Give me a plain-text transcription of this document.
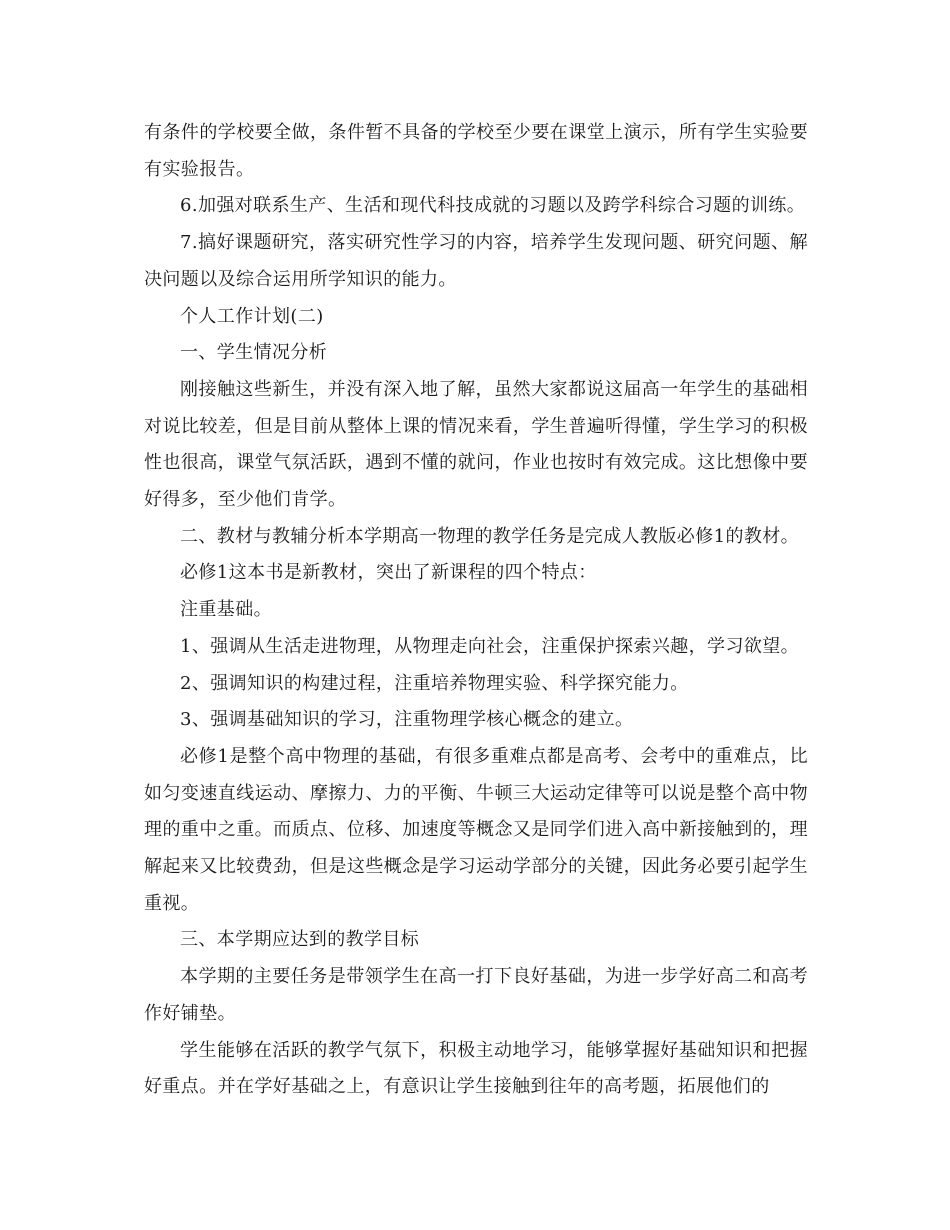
有条件的学校要全做，条件暂不具备的学校至少要在课堂上演示，所有学生实验要有实验报告。

6.加强对联系生产、生活和现代科技成就的习题以及跨学科综合习题的训练。

7.搞好课题研究，落实研究性学习的内容，培养学生发现问题、研究问题、解决问题以及综合运用所学知识的能力。

个人工作计划(二)

一、学生情况分析

刚接触这些新生，并没有深入地了解，虽然大家都说这届高一年学生的基础相对说比较差，但是目前从整体上课的情况来看，学生普遍听得懂，学生学习的积极性也很高，课堂气氛活跃，遇到不懂的就问，作业也按时有效完成。这比想像中要好得多，至少他们肯学。

二、教材与教辅分析本学期高一物理的教学任务是完成人教版必修1的教材。

必修1这本书是新教材，突出了新课程的四个特点：

注重基础。

1、强调从生活走进物理，从物理走向社会，注重保护探索兴趣，学习欲望。

2、强调知识的构建过程，注重培养物理实验、科学探究能力。

3、强调基础知识的学习，注重物理学核心概念的建立。

必修1是整个高中物理的基础，有很多重难点都是高考、会考中的重难点，比如匀变速直线运动、摩擦力、力的平衡、牛顿三大运动定律等可以说是整个高中物理的重中之重。而质点、位移、加速度等概念又是同学们进入高中新接触到的，理解起来又比较费劲，但是这些概念是学习运动学部分的关键，因此务必要引起学生重视。

三、本学期应达到的教学目标

本学期的主要任务是带领学生在高一打下良好基础，为进一步学好高二和高考作好铺垫。

学生能够在活跃的教学气氛下，积极主动地学习，能够掌握好基础知识和把握好重点。并在学好基础之上，有意识让学生接触到往年的高考题，拓展他们的
